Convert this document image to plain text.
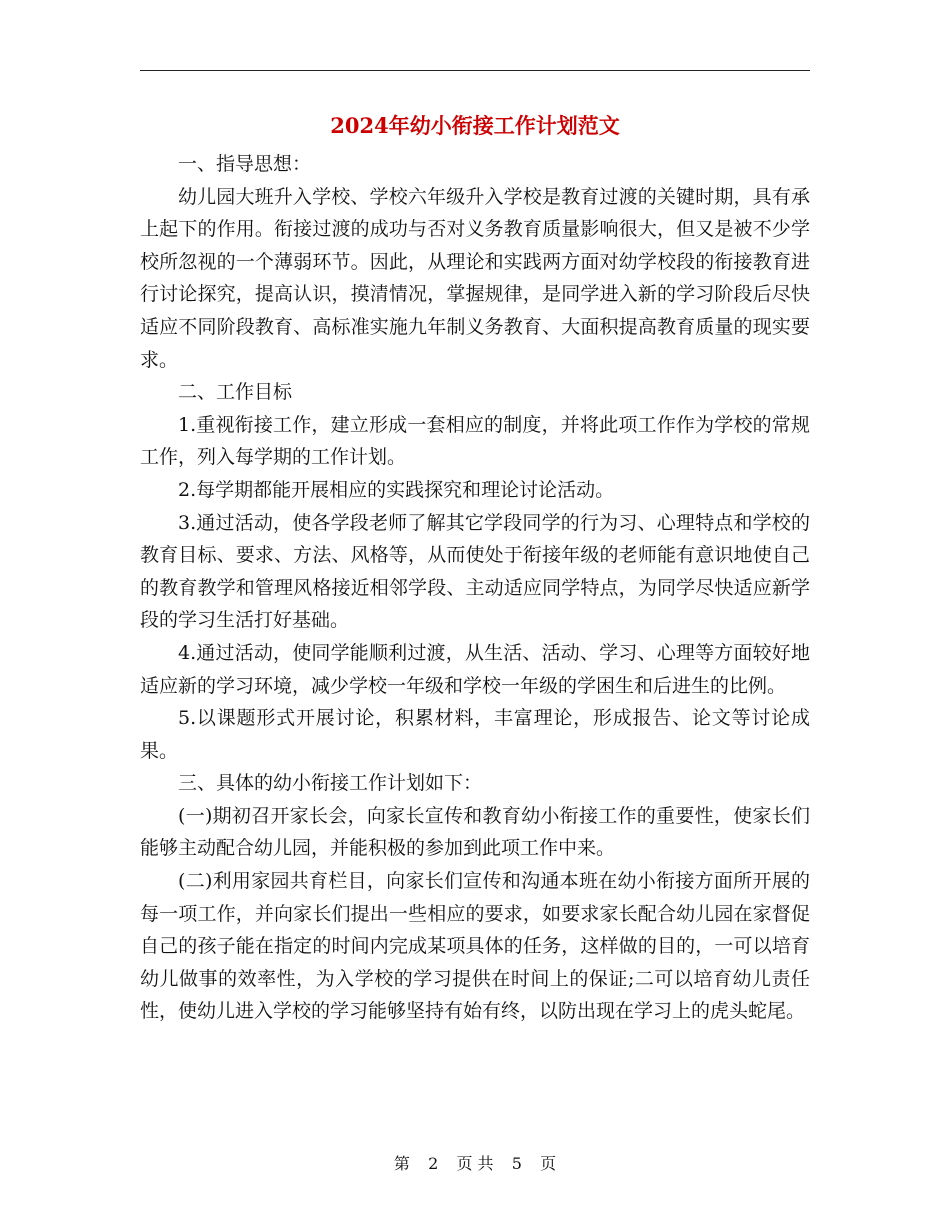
2024年幼小衔接工作计划范文

一、指导思想：

幼儿园大班升入学校、学校六年级升入学校是教育过渡的关键时期，具有承上起下的作用。衔接过渡的成功与否对义务教育质量影响很大，但又是被不少学校所忽视的一个薄弱环节。因此，从理论和实践两方面对幼学校段的衔接教育进行讨论探究，提高认识，摸清情况，掌握规律，是同学进入新的学习阶段后尽快适应不同阶段教育、高标准实施九年制义务教育、大面积提高教育质量的现实要求。

二、工作目标

1.重视衔接工作，建立形成一套相应的制度，并将此项工作作为学校的常规工作，列入每学期的工作计划。

2.每学期都能开展相应的实践探究和理论讨论活动。

3.通过活动，使各学段老师了解其它学段同学的行为习、心理特点和学校的教育目标、要求、方法、风格等，从而使处于衔接年级的老师能有意识地使自己的教育教学和管理风格接近相邻学段、主动适应同学特点，为同学尽快适应新学段的学习生活打好基础。

4.通过活动，使同学能顺利过渡，从生活、活动、学习、心理等方面较好地适应新的学习环境，减少学校一年级和学校一年级的学困生和后进生的比例。

5.以课题形式开展讨论，积累材料，丰富理论，形成报告、论文等讨论成果。

三、具体的幼小衔接工作计划如下：

(一)期初召开家长会，向家长宣传和教育幼小衔接工作的重要性，使家长们能够主动配合幼儿园，并能积极的参加到此项工作中来。

(二)利用家园共育栏目，向家长们宣传和沟通本班在幼小衔接方面所开展的每一项工作，并向家长们提出一些相应的要求，如要求家长配合幼儿园在家督促自己的孩子能在指定的时间内完成某项具体的任务，这样做的目的，一可以培育幼儿做事的效率性，为入学校的学习提供在时间上的保证;二可以培育幼儿责任性，使幼儿进入学校的学习能够坚持有始有终，以防出现在学习上的虎头蛇尾。

第 2 页 共 5 页
